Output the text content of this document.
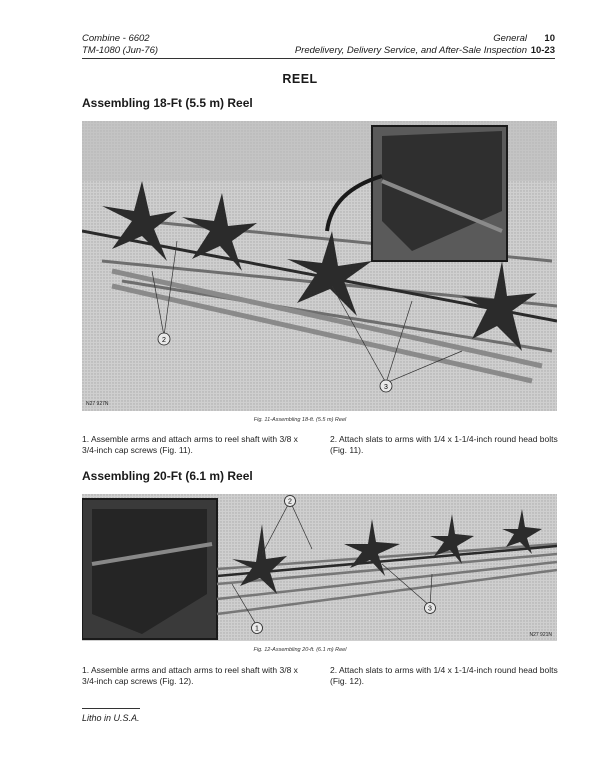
Combine - 6602
TM-1080 (Jun-76)
General 10
Predelivery, Delivery Service, and After-Sale Inspection 10-23
REEL
Assembling 18-Ft (5.5 m) Reel
2
3
N27 927N
Fig. 11-Assembling 18-ft. (5.5 m) Reel
1. Assemble arms and attach arms to reel shaft with 3/8 x 3/4-inch cap screws (Fig. 11).
2. Attach slats to arms with 1/4 x 1-1/4-inch round head bolts (Fig. 11).
Assembling 20-Ft (6.1 m) Reel
2
3
1
N27 921N
Fig. 12-Assembling 20-ft. (6.1 m) Reel
1. Assemble arms and attach arms to reel shaft with 3/8 x 3/4-inch cap screws (Fig. 12).
2. Attach slats to arms with 1/4 x 1-1/4-inch round head bolts (Fig. 12).
Litho in U.S.A.
